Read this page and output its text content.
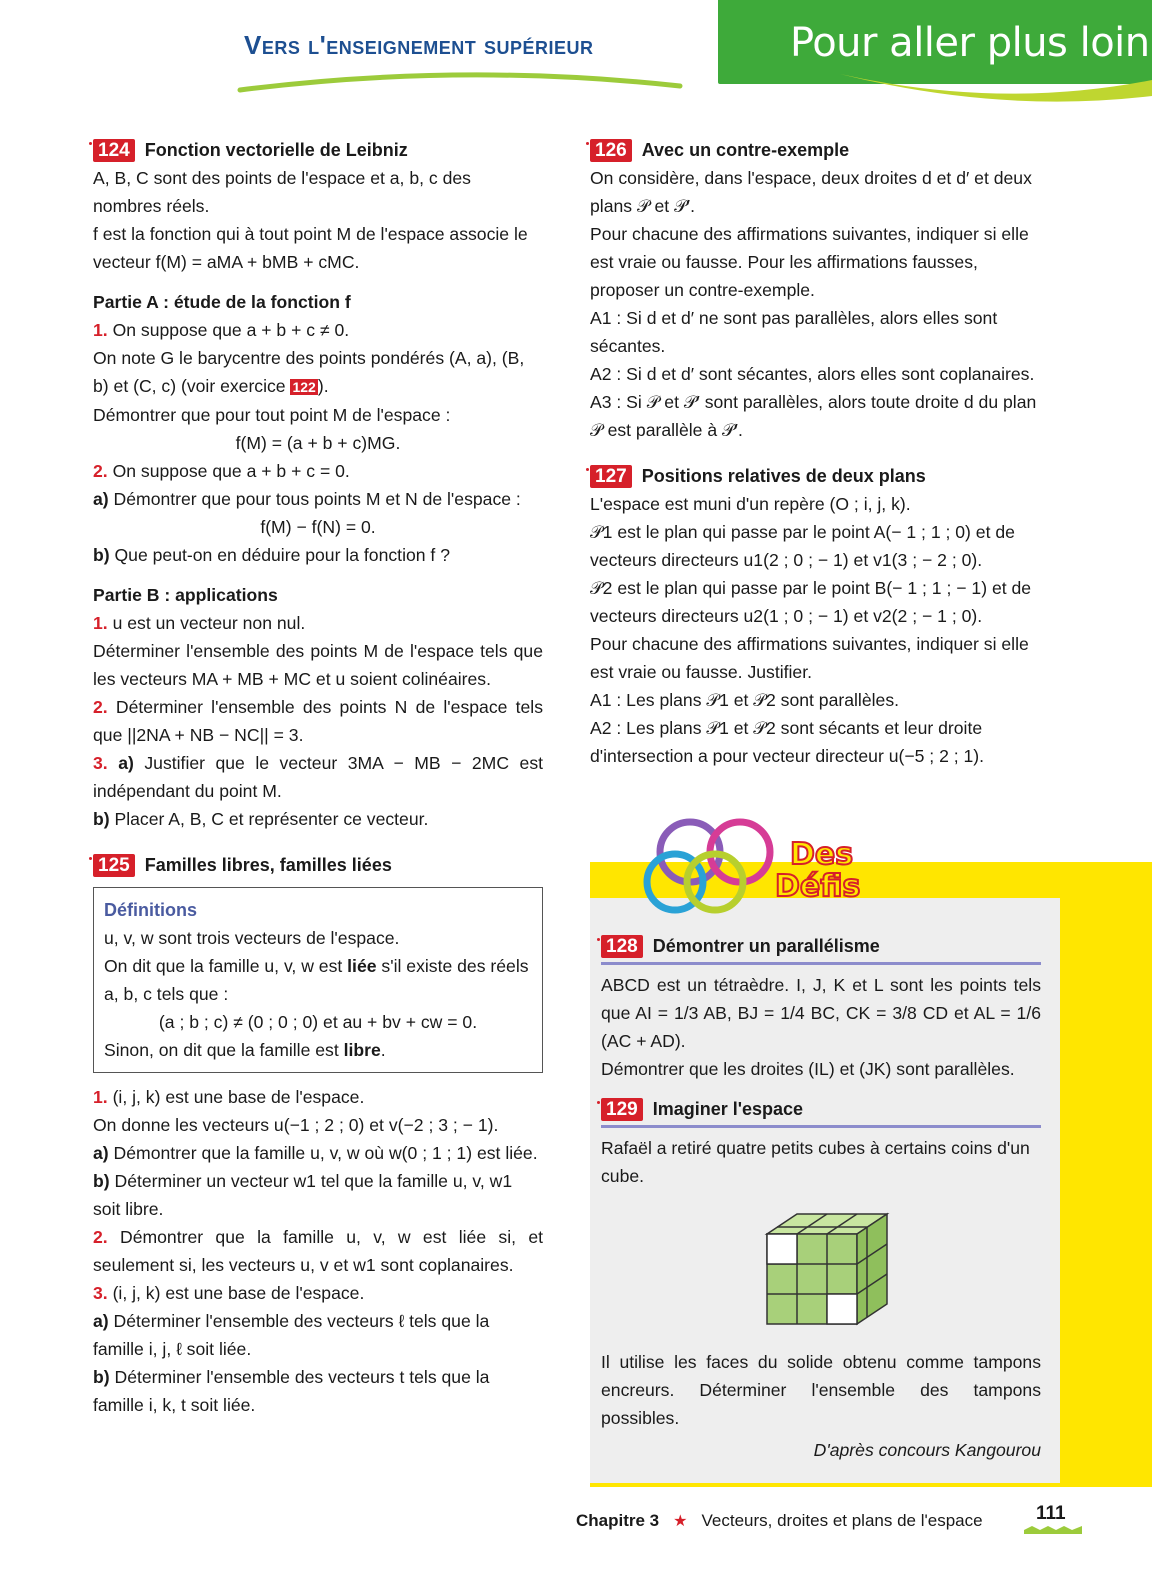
Vers l'enseignement supérieur	Pour aller plus loin
124 Fonction vectorielle de Leibniz

A, B, C sont des points de l'espace et a, b, c des nombres réels.

f est la fonction qui à tout point M de l'espace associe le vecteur f(M) = aMA + bMB + cMC.

Partie A : étude de la fonction f

1. On suppose que a + b + c ≠ 0.

On note G le barycentre des points pondérés (A, a), (B, b) et (C, c) (voir exercice 122 ).

Démontrer que pour tout point M de l'espace :

f(M) = (a + b + c)MG.

2. On suppose que a + b + c = 0.

a) Démontrer que pour tous points M et N de l'espace :

f(M) − f(N) = 0.

b) Que peut-on en déduire pour la fonction f ?

Partie B : applications

1. u est un vecteur non nul.

Déterminer l'ensemble des points M de l'espace tels que les vecteurs MA + MB + MC et u soient colinéaires.

2. Déterminer l'ensemble des points N de l'espace tels que ||2NA + NB − NC|| = 3.

3. a) Justifier que le vecteur 3MA − MB − 2MC est indépendant du point M.

b) Placer A, B, C et représenter ce vecteur.

125 Familles libres, familles liées

Définitions

u, v, w sont trois vecteurs de l'espace.

On dit que la famille u, v, w est liée s'il existe des réels a, b, c tels que :

(a ; b ; c) ≠ (0 ; 0 ; 0) et au + bv + cw = 0.

Sinon, on dit que la famille est libre.

1. (i, j, k) est une base de l'espace.

On donne les vecteurs u(−1 ; 2 ; 0) et v(−2 ; 3 ; − 1).

a) Démontrer que la famille u, v, w où w(0 ; 1 ; 1) est liée.

b) Déterminer un vecteur w1 tel que la famille u, v, w1 soit libre.

2. Démontrer que la famille u, v, w est liée si, et seulement si, les vecteurs u, v et w1 sont coplanaires.

3. (i, j, k) est une base de l'espace.

a) Déterminer l'ensemble des vecteurs ℓ tels que la famille i, j, ℓ soit liée.

b) Déterminer l'ensemble des vecteurs t tels que la famille i, k, t soit liée.

126 Avec un contre-exemple

On considère, dans l'espace, deux droites d et d′ et deux plans 𝒫 et 𝒫′.

Pour chacune des affirmations suivantes, indiquer si elle est vraie ou fausse. Pour les affirmations fausses, proposer un contre-exemple.

A1 : Si d et d′ ne sont pas parallèles, alors elles sont sécantes.

A2 : Si d et d′ sont sécantes, alors elles sont coplanaires.

A3 : Si 𝒫 et 𝒫′ sont parallèles, alors toute droite d du plan 𝒫 est parallèle à 𝒫′.

127 Positions relatives de deux plans

L'espace est muni d'un repère (O ; i, j, k).

𝒫1 est le plan qui passe par le point A(− 1 ; 1 ; 0) et de vecteurs directeurs u1(2 ; 0 ; − 1) et v1(3 ; − 2 ; 0).

𝒫2 est le plan qui passe par le point B(− 1 ; 1 ; − 1) et de vecteurs directeurs u2(1 ; 0 ; − 1) et v2(2 ; − 1 ; 0).

Pour chacune des affirmations suivantes, indiquer si elle est vraie ou fausse. Justifier.

A1 : Les plans 𝒫1 et 𝒫2 sont parallèles.

A2 : Les plans 𝒫1 et 𝒫2 sont sécants et leur droite d'intersection a pour vecteur directeur u(−5 ; 2 ; 1).

Des
Défis
128 Démontrer un parallélisme

ABCD est un tétraèdre. I, J, K et L sont les points tels que AI = 1/3 AB, BJ = 1/4 BC, CK = 3/8 CD et AL = 1/6 (AC + AD).

Démontrer que les droites (IL) et (JK) sont parallèles.

129 Imaginer l'espace

Rafaël a retiré quatre petits cubes à certains coins d'un cube.

Il utilise les faces du solide obtenu comme tampons encreurs. Déterminer l'ensemble des tampons possibles.

D'après concours Kangourou

Chapitre 3 ★ Vecteurs, droites et plans de l'espace	111
